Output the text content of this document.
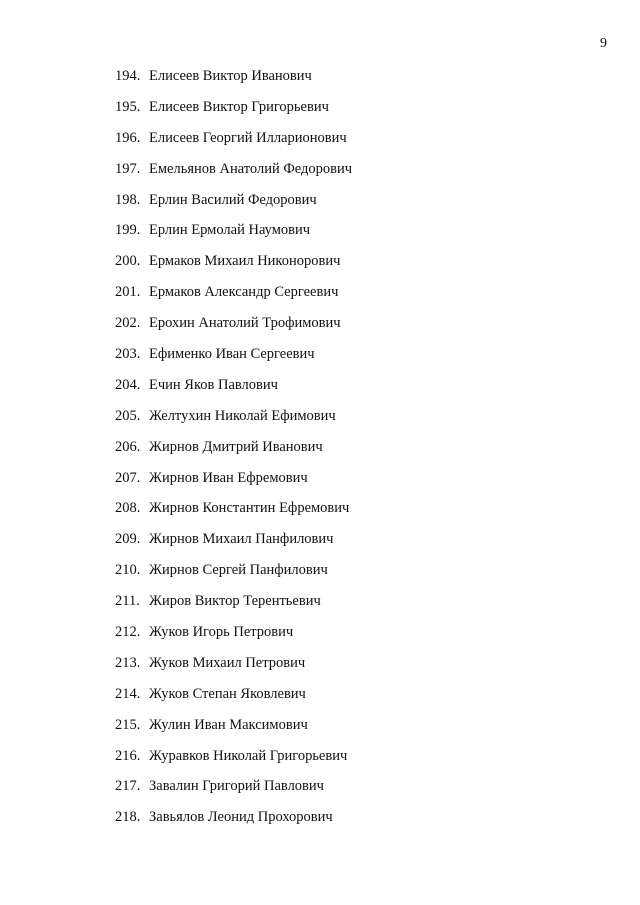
9
194. Елисеев Виктор Иванович
195. Елисеев Виктор Григорьевич
196. Елисеев Георгий Илларионович
197. Емельянов Анатолий Федорович
198. Ерлин Василий Федорович
199. Ерлин Ермолай Наумович
200. Ермаков Михаил Никонорович
201. Ермаков Александр Сергеевич
202. Ерохин Анатолий Трофимович
203. Ефименко Иван Сергеевич
204. Ечин Яков Павлович
205. Желтухин Николай Ефимович
206. Жирнов Дмитрий Иванович
207. Жирнов Иван Ефремович
208. Жирнов Константин Ефремович
209. Жирнов Михаил Панфилович
210. Жирнов Сергей Панфилович
211. Жиров Виктор Терентьевич
212. Жуков Игорь Петрович
213. Жуков Михаил Петрович
214. Жуков Степан Яковлевич
215. Жулин Иван Максимович
216. Журавков Николай Григорьевич
217. Завалин Григорий Павлович
218. Завьялов Леонид Прохорович
